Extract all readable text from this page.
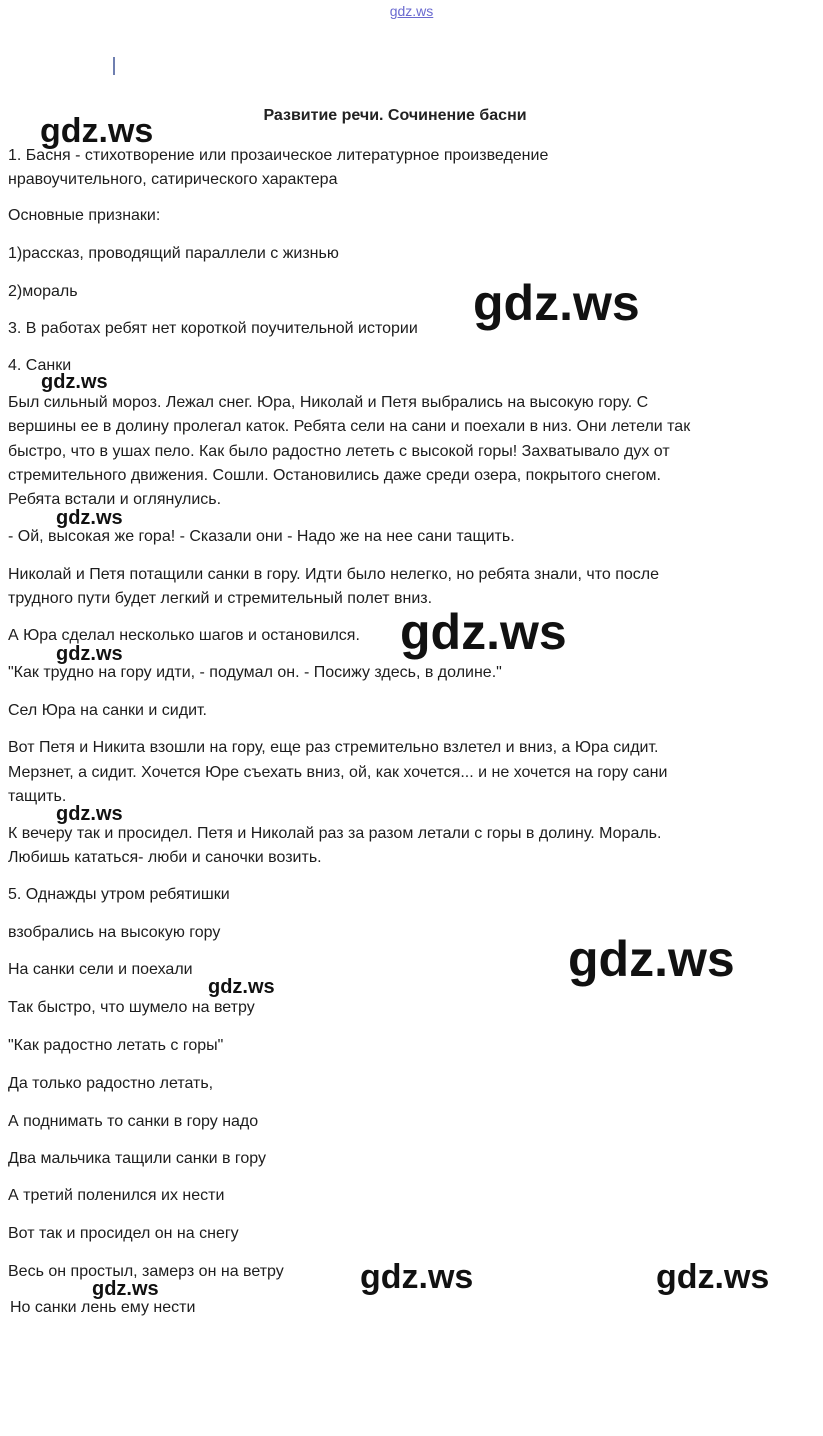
gdz.ws
Развитие речи. Сочинение басни
1. Басня - стихотворение или прозаическое литературное произведение
нравоучительного, сатирического характера
Основные признаки:
1)рассказ, проводящий параллели с жизнью
2)мораль
3. В работах ребят нет короткой поучительной истории
4. Санки
Был сильный мороз. Лежал снег. Юра, Николай и Петя выбрались на высокую гору. С
вершины ее в долину пролегал каток. Ребята сели на сани и поехали в низ. Они летели так
быстро, что в ушах пело. Как было радостно лететь с высокой горы! Захватывало дух от
стремительного движения. Сошли. Остановились даже среди озера, покрытого снегом.
Ребята встали и оглянулись.
- Ой, высокая же гора! - Сказали они - Надо же на нее сани тащить.
Николай и Петя потащили санки в гору. Идти было нелегко, но ребята знали, что после
трудного пути будет легкий и стремительный полет вниз.
А Юра сделал несколько шагов и остановился.
"Как трудно на гору идти, - подумал он. - Посижу здесь, в долине."
Сел Юра на санки и сидит.
Вот Петя и Никита взошли на гору, еще раз стремительно взлетел и вниз, а Юра сидит.
Мерзнет, а сидит. Хочется Юре съехать вниз, ой, как хочется... и не хочется на гору сани
тащить.
К вечеру так и просидел. Петя и Николай раз за разом летали с горы в долину. Мораль.
Любишь кататься- люби и саночки возить.
5. Однажды утром ребятишки
взобрались на высокую гору
На санки сели и поехали
Так быстро, что шумело на ветру
"Как радостно летать с горы"
Да только радостно летать,
А поднимать то санки в гору надо
Два мальчика тащили санки в гору
А третий поленился их нести
Вот так и просидел он на снегу
Весь он простыл, замерз он на ветру
Но санки лень ему нести
gdz.ws
gdz.ws
gdz.ws
gdz.ws
gdz.ws
gdz.ws
gdz.ws
gdz.ws
gdz.ws
gdz.ws	gdz.ws
gdz.ws
